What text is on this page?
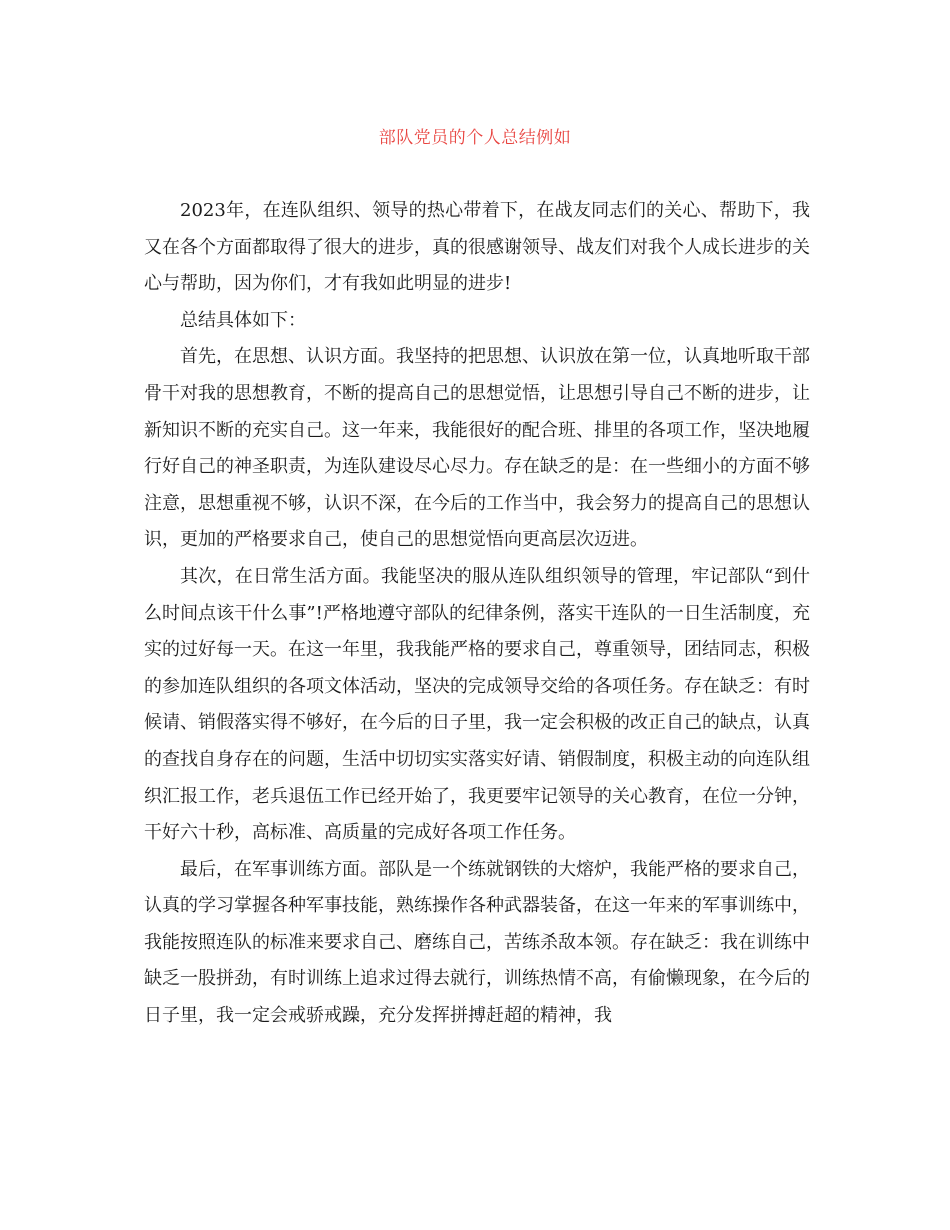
部队党员的个人总结例如

2023年，在连队组织、领导的热心带着下，在战友同志们的关心、帮助下，我又在各个方面都取得了很大的进步，真的很感谢领导、战友们对我个人成长进步的关心与帮助，因为你们，才有我如此明显的进步!

总结具体如下：

首先，在思想、认识方面。我坚持的把思想、认识放在第一位，认真地听取干部骨干对我的思想教育，不断的提高自己的思想觉悟，让思想引导自己不断的进步，让新知识不断的充实自己。这一年来，我能很好的配合班、排里的各项工作，坚决地履行好自己的神圣职责，为连队建设尽心尽力。存在缺乏的是：在一些细小的方面不够注意，思想重视不够，认识不深，在今后的工作当中，我会努力的提高自己的思想认识，更加的严格要求自己，使自己的思想觉悟向更高层次迈进。

其次，在日常生活方面。我能坚决的服从连队组织领导的管理，牢记部队“到什么时间点该干什么事”!严格地遵守部队的纪律条例，落实干连队的一日生活制度，充实的过好每一天。在这一年里，我我能严格的要求自己，尊重领导，团结同志，积极的参加连队组织的各项文体活动，坚决的完成领导交给的各项任务。存在缺乏：有时候请、销假落实得不够好，在今后的日子里，我一定会积极的改正自己的缺点，认真的查找自身存在的问题，生活中切切实实落实好请、销假制度，积极主动的向连队组织汇报工作，老兵退伍工作已经开始了，我更要牢记领导的关心教育，在位一分钟，干好六十秒，高标准、高质量的完成好各项工作任务。

最后，在军事训练方面。部队是一个练就钢铁的大熔炉，我能严格的要求自己，认真的学习掌握各种军事技能，熟练操作各种武器装备，在这一年来的军事训练中，我能按照连队的标准来要求自己、磨练自己，苦练杀敌本领。存在缺乏：我在训练中缺乏一股拼劲，有时训练上追求过得去就行，训练热情不高，有偷懒现象，在今后的日子里，我一定会戒骄戒躁，充分发挥拼搏赶超的精神，我
